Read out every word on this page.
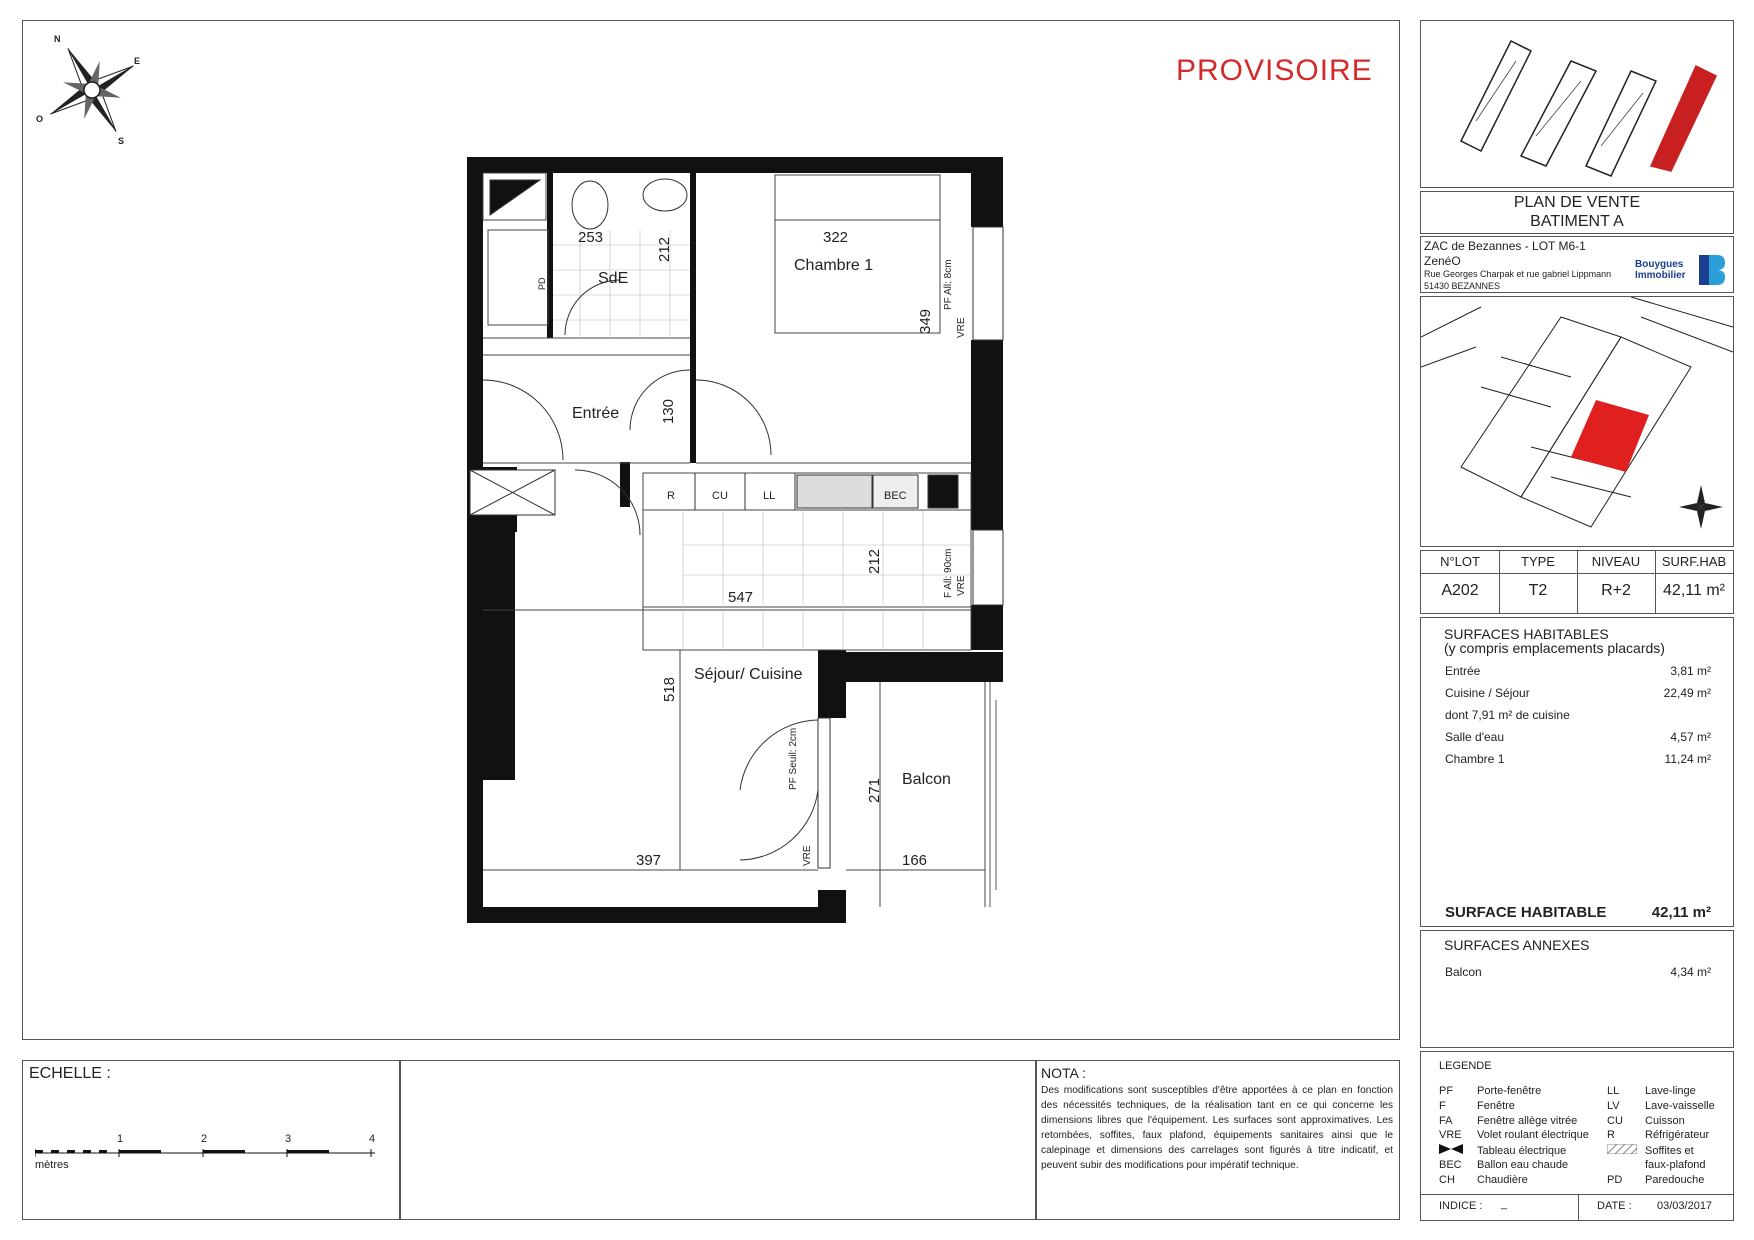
N
E
S
O
PROVISOIRE
SdE
Chambre 1
Entrée
Séjour/ Cuisine
Balcon
253	212	322
349
130
212
547
518
271
397	166
PD
R	CU	LL	BEC
VRE
VRE
VRE
PF All: 8cm
F All: 90cm
PF Seuil: 2cm
PLAN DE VENTE
BATIMENT A
ZAC de Bezannes - LOT M6-1
ZenéO
Rue Georges Charpak et rue gabriel Lippmann
51430 BEZANNES
Bouygues
Immobilier
N°LOT	TYPE	NIVEAU	SURF.HAB
A202	T2	R+2	42,11 m²
SURFACES HABITABLES
(y compris emplacements placards)
Entrée	3,81 m²
Cuisine / Séjour	22,49 m²
dont 7,91 m² de cuisine
Salle d'eau	4,57 m²
Chambre 1	11,24 m²
SURFACE HABITABLE	42,11 m²
SURFACES ANNEXES
Balcon	4,34 m²
LEGENDE
PF Porte-fenêtre
F	Fenêtre
FA Fenêtre allège vitrée
VRE Volet roulant électrique
Tableau électrique
BEC Ballon eau chaude
CH Chaudière
LL Lave-linge
LV Lave-vaisselle
CU Cuisson
R	Réfrigérateur
Soffites et
faux-plafond
PD Paredouche
INDICE : _	DATE : 03/03/2017
ECHELLE :
1	2	3	4
mètres
NOTA :
Des modifications sont susceptibles d'être apportées à ce plan en fonction des nécessités techniques, de la réalisation tant en ce qui concerne les dimensions libres que l'équipement. Les surfaces sont approximatives. Les retombées, soffites, faux plafond, équipements sanitaires ainsi que le calepinage et dimensions des carrelages sont figurés à titre indicatif, et peuvent subir des modifications pour impératif technique.
